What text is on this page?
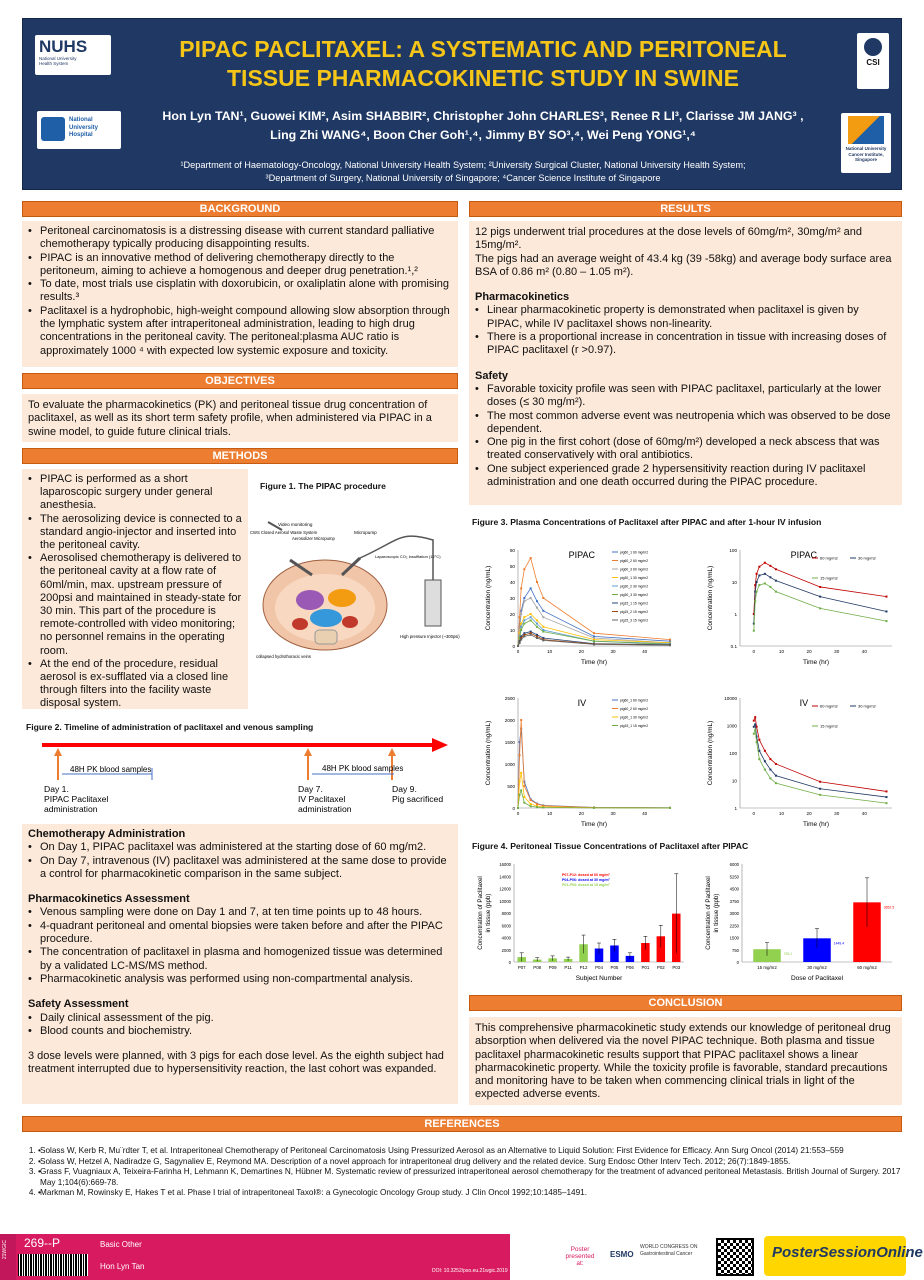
NUHS
National University
Health System
National
University
Hospital
CSI
National University Cancer Institute, Singapore
PIPAC PACLITAXEL: A SYSTEMATIC AND PERITONEAL TISSUE PHARMACOKINETIC STUDY IN SWINE
Hon Lyn TAN¹, Guowei KIM², Asim SHABBIR², Christopher John CHARLES³, Renee R LI³, Clarisse JM JANG³ ,
Ling Zhi WANG⁴, Boon Cher Goh¹,⁴, Jimmy BY SO³,⁴, Wei Peng YONG¹,⁴
¹Department of Haematology-Oncology, National University Health System; ²University Surgical Cluster, National University Health System;
³Department of Surgery, National University of Singapore; ⁴Cancer Science Institute of Singapore
BACKGROUND
• Peritoneal carcinomatosis is a distressing disease with current standard palliative chemotherapy typically producing disappointing results.
• PIPAC is an innovative method of delivering chemotherapy directly to the peritoneum, aiming to achieve a homogenous and deeper drug penetration.¹,²
• To date, most trials use cisplatin with doxorubicin, or oxaliplatin alone with promising results.³
• Paclitaxel is a hydrophobic, high-weight compound allowing slow absorption through the lymphatic system after intraperitoneal administration, leading to high drug concentrations in the peritoneal cavity. The peritoneal:plasma AUC ratio is approximately 1000 ⁴ with expected low systemic exposure and toxicity.
OBJECTIVES
To evaluate the pharmacokinetics (PK) and peritoneal tissue drug concentration of paclitaxel, as well as its short term safety profile, when administered via PIPAC in a swine model, to guide future clinical trials.
METHODS
• PIPAC is performed as a short laparoscopic surgery under general anesthesia.
• The aerosolizing device is connected to a standard angio-injector and inserted into the peritoneal cavity.
• Aerosolised chemotherapy is delivered to the peritoneal cavity at a flow rate of 60ml/min, max. upstream pressure of 200psi and maintained in steady-state for 30 min. This part of the procedure is remote-controlled with video monitoring; no personnel remains in the operating room.
• At the end of the procedure, residual aerosol is ex-sufflated via a closed line through filters into the facility waste disposal system.
Figure 1. The PIPAC procedure
Video monitoring
CWS Closed Aerosol Waste System
Aerosolizer Micropump
Micropump
Laparoscopic CO₂ Insufflation (12°C)
High pressure Injector (~300psi)
collapsed hydrothoracic veins
Figure 2. Timeline of administration of paclitaxel and venous sampling
48H PK blood samples	48H PK blood samples
Day 1.
PIPAC Paclitaxel
administration
Day 7.
IV Paclitaxel
administration
Day 9.
Pig sacrificed
Chemotherapy Administration
• On Day 1, PIPAC paclitaxel was administered at the starting dose of 60 mg/m2.
• On Day 7, intravenous (IV) paclitaxel was administered at the same dose to provide a control for pharmacokinetic comparison in the same subject.
Pharmacokinetics Assessment
• Venous sampling were done on Day 1 and 7, at ten time points up to 48 hours.
• 4-quadrant peritoneal and omental biopsies were taken before and after the PIPAC procedure.
• The concentration of paclitaxel in plasma and homogenized tissue was determined by a validated LC-MS/MS method.
• Pharmacokinetic analysis was performed using non-compartmental analysis.
Safety Assessment
• Daily clinical assessment of the pig.
• Blood counts and biochemistry.
3 dose levels were planned, with 3 pigs for each dose level. As the eighth subject had treatment interrupted due to hypersensitivity reaction, the last cohort was expanded.
RESULTS
12 pigs underwent trial procedures at the dose levels of 60mg/m², 30mg/m² and 15mg/m².
The pigs had an average weight of 43.4 kg (39 -58kg) and average body surface area BSA of 0.86 m² (0.80 – 1.05 m²).
Pharmacokinetics
• Linear pharmacokinetic property is demonstrated when paclitaxel is given by PIPAC, while IV paclitaxel shows non-linearity.
• There is a proportional increase in concentration in tissue with increasing doses of PIPAC paclitaxel (r >0.97).
Safety
• Favorable toxicity profile was seen with PIPAC paclitaxel, particularly at the lower doses (≤ 30 mg/m²).
• The most common adverse event was neutropenia which was observed to be dose dependent.
• One pig in the first cohort (dose of 60mg/m²) developed a neck abscess that was treated conservatively with oral antibiotics.
• One subject experienced grade 2 hypersensitivity reaction during IV paclitaxel administration and one death occurred during the PIPAC procedure.
Figure 3. Plasma Concentrations of Paclitaxel after PIPAC and after 1-hour IV infusion
0
10
20
30
40
50
60
0	10	20	30	40
Time (hr)
Concentration (ng/mL)
PIPAC	pig60_1 60 mg/m2
pig60_2 60 mg/m2
pig60_3 60 mg/m2
pig30_1 30 mg/m2
pig30_2 30 mg/m2
pig30_3 30 mg/m2
pig15_1 15 mg/m2
pig15_2 15 mg/m2
pig15_3 15 mg/m2
0.1
1
10
100
0	10	20	30	40
Time (hr)
Concentration (ng/mL)
PIPAC 60 mg/m2	30 mg/m2
15 mg/m2
0
500
1000
1500
2000
2500
0	10	20	30	40
Time (hr)
Concentration (ng/mL)
IV	pig60_1 60 mg/m2
pig60_2 60 mg/m2
pig30_1 30 mg/m2
pig15_1 15 mg/m2
1
10
100
1000
10000
0	10	20	30	40
Time (hr)
Concentration (ng/mL)
IV	60 mg/m2	30 mg/m2
15 mg/m2
Figure 4. Peritoneal Tissue Concentrations of Paclitaxel after PIPAC
0
2000
4000
6000
8000
10000
12000
14000
16000
P07 P08 P09 P11 P12 P04 P05 P06 P01 P02 P03
Subject Number
Concentration of Paclitaxel in tissue (ppb)
P07-P12: dosed at 60 mg/m²
P04-P06: dosed at 30 mg/m²
P01-P03: dosed at 15 mg/m²
0
750
1500
2250
3000
3750
4500
5250
6000
15 mg/m2
783.1
30 mg/m2
1449.4
60 mg/m2
3652.5
Dose of Paclitaxel
Concentration of Paclitaxel in tissue (ppb)
CONCLUSION
This comprehensive pharmacokinetic study extends our knowledge of peritoneal drug absorption when delivered via the novel PIPAC technique. Both plasma and tissue paclitaxel pharmacokinetic results support that PIPAC paclitaxel shows a linear pharmacokinetic property. While the toxicity profile is favorable, standard precautions and monitoring have to be taken when commencing clinical trials in light of the expected adverse events.
REFERENCES
• 1. Solass W, Kerb R, Mu¨rdter T, et al. Intraperitoneal Chemotherapy of Peritoneal Carcinomatosis Using Pressurized Aerosol as an Alternative to Liquid Solution: First Evidence for Efficacy. Ann Surg Oncol (2014) 21:553–559
• 2. Solass W, Hetzel A, Nadiradze G, Sagynaliev E, Reymond MA. Description of a novel approach for intraperitoneal drug delivery and the related device. Surg Endosc Other Interv Tech. 2012; 26(7):1849-1855.
• 3. Grass F, Vuagniaux A, Teixeira-Farinha H, Lehmann K, Demartines N, Hübner M. Systematic review of pressurized intraperitoneal aerosol chemotherapy for the treatment of advanced peritoneal Metastasis. British Journal of Surgery. 2017 May 1;104(6):669-78.
• 4. Markman M, Rowinsky E, Hakes T et al. Phase I trial of intraperitoneal Taxol®: a Gynecologic Oncology Group study. J Clin Oncol 1992;10:1485–1491.
21WGIC 269--P	Basic Other
Hon Lyn Tan	DOI: 10.3252/pso.eu.21wgic.2019
Poster presented at:
ESMO
WORLD CONGRESS ON Gastrointestinal Cancer	PosterSessionOnline
